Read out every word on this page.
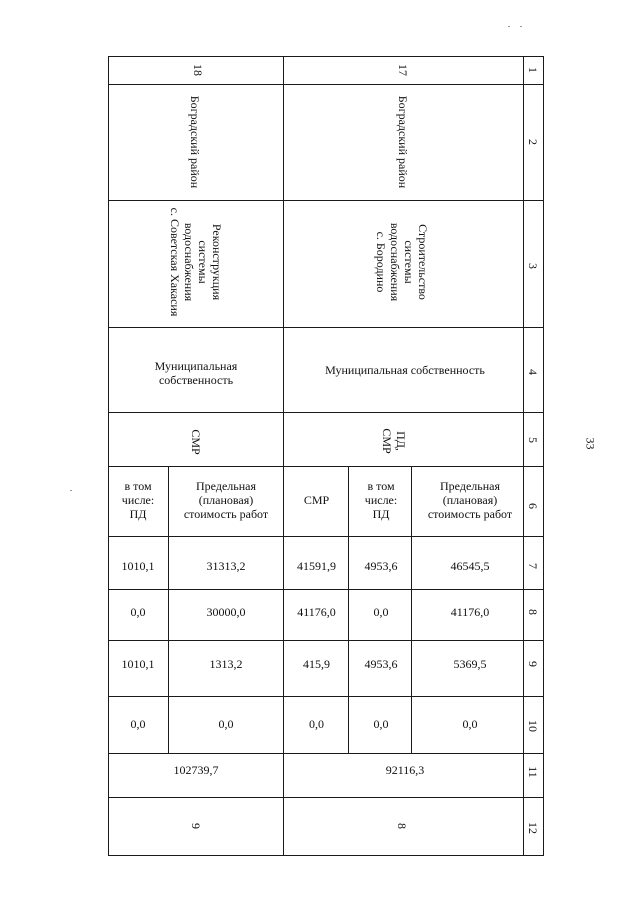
33
1
2
3
4
5
6
7
8
9
10
11
12
17
18
Боградский район
Боградский район
Строительство
системы
водоснабжения
с. Бородино
Реконструкция
системы
водоснабжения
с. Советская Хакасия
Муниципальная собственность
Муниципальная
собственность
ПД,
СМР
СМР
Предельная
(плановая)
стоимость работ
в том
числе:
ПД
СМР
Предельная
(плановая)
стоимость работ
в том
числе:
ПД
46545,5
4953,6
41591,9
31313,2
1010,1
41176,0
0,0
41176,0
30000,0
0,0
5369,5
4953,6
415,9
1313,2
1010,1
0,0
0,0
0,0
0,0
0,0
92116,3
102739,7
8
9
